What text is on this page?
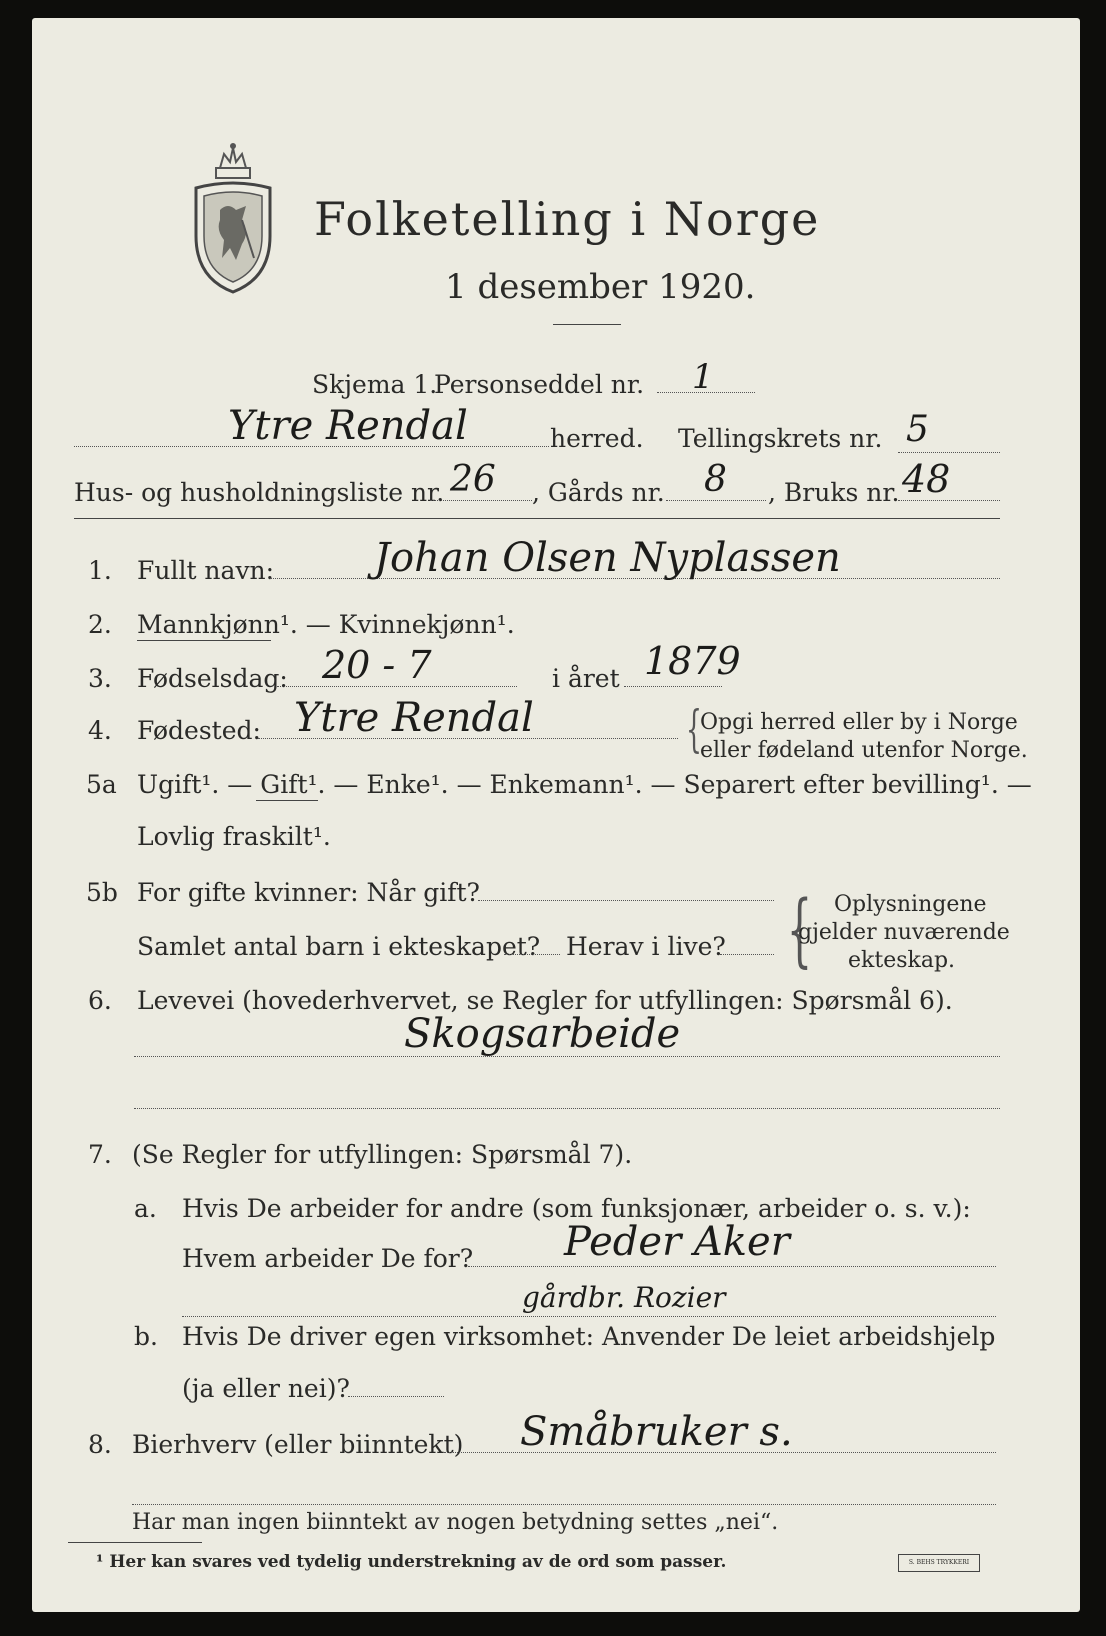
Folketelling i Norge
1 desember 1920.
Skjema 1.
Personseddel nr. 1
Ytre Rendal	herred. Tellingskrets nr. 5
Hus- og husholdningsliste nr. 26 , Gårds nr. 8 , Bruks nr. 48
1. Fullt navn: Johan Olsen Nyplassen
2. Mannkjønn¹. — Kvinnekjønn¹.
3. Fødselsdag: 20 - 7	i året 1879
4. Fødested: Ytre Rendal	{
Opgi herred eller by i Norge
eller fødeland utenfor Norge.
5a Ugift¹. — Gift¹. — Enke¹. — Enkemann¹. — Separert efter bevilling¹. —
Lovlig fraskilt¹.
5b For gifte kvinner: Når gift?
Samlet antal barn i ekteskapet? Herav i live? { Oplysningene
gjelder nuværende
ekteskap.
6. Levevei (hovederhvervet, se Regler for utfyllingen: Spørsmål 6).
Skogsarbeide
7. (Se Regler for utfyllingen: Spørsmål 7).
a. Hvis De arbeider for andre (som funksjonær, arbeider o. s. v.):
Hvem arbeider De for? Peder Aker
gårdbr. Rozier
b. Hvis De driver egen virksomhet: Anvender De leiet arbeidshjelp
(ja eller nei)?
8. Bierhverv (eller biinntekt) Småbruker s.
Har man ingen biinntekt av nogen betydning settes „nei“.
¹ Her kan svares ved tydelig understrekning av de ord som passer.	S. BEHS TRYKKERI
